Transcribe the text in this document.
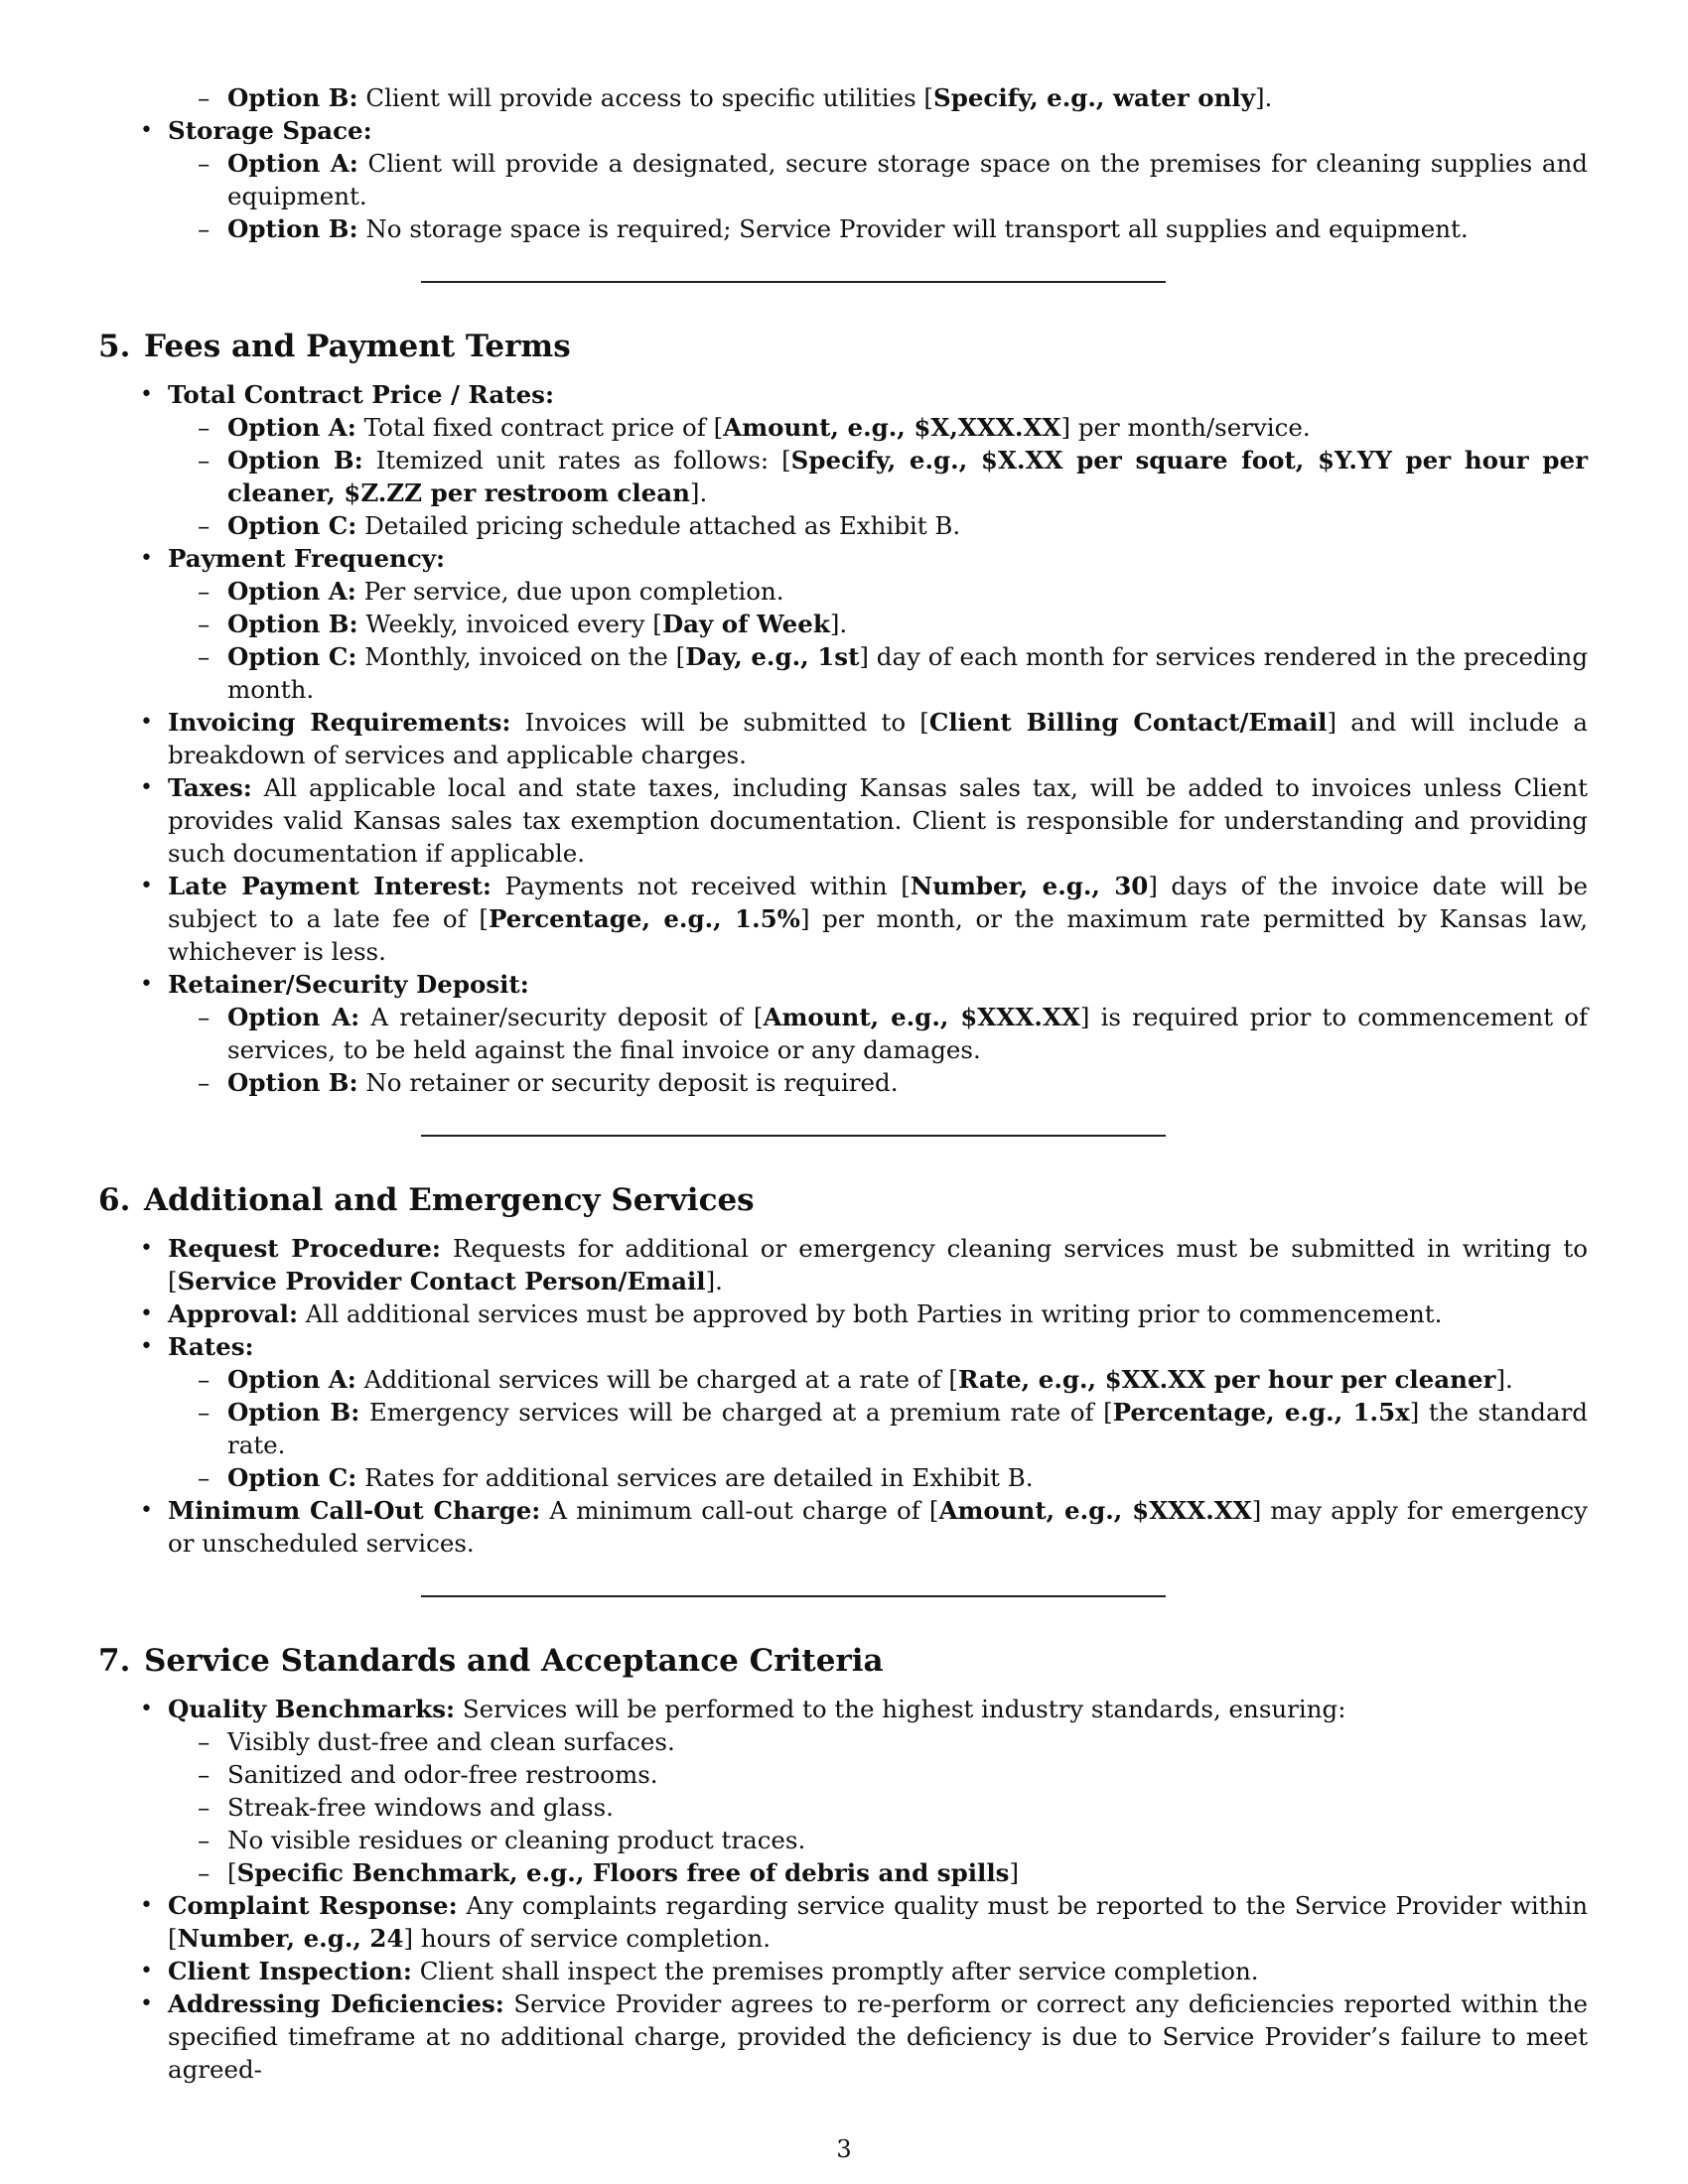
– Option B: Client will provide access to specific utilities [Specify, e.g., water only].
• Storage Space:
– Option A: Client will provide a designated, secure storage space on the premises for cleaning supplies and equipment.
– Option B: No storage space is required; Service Provider will transport all supplies and equipment.
5. Fees and Payment Terms
• Total Contract Price / Rates:
– Option A: Total fixed contract price of [Amount, e.g., $X,XXX.XX] per month/service.
– Option B: Itemized unit rates as follows: [Specify, e.g., $X.XX per square foot, $Y.YY per hour per cleaner, $Z.ZZ per restroom clean].
– Option C: Detailed pricing schedule attached as Exhibit B.
• Payment Frequency:
– Option A: Per service, due upon completion.
– Option B: Weekly, invoiced every [Day of Week].
– Option C: Monthly, invoiced on the [Day, e.g., 1st] day of each month for services rendered in the preceding month.
• Invoicing Requirements: Invoices will be submitted to [Client Billing Contact/Email] and will include a breakdown of services and applicable charges.
• Taxes: All applicable local and state taxes, including Kansas sales tax, will be added to invoices unless Client provides valid Kansas sales tax exemption documentation. Client is responsible for understanding and providing such documentation if applicable.
• Late Payment Interest: Payments not received within [Number, e.g., 30] days of the invoice date will be subject to a late fee of [Percentage, e.g., 1.5%] per month, or the maximum rate permitted by Kansas law, whichever is less.
• Retainer/Security Deposit:
– Option A: A retainer/security deposit of [Amount, e.g., $XXX.XX] is required prior to commencement of services, to be held against the final invoice or any damages.
– Option B: No retainer or security deposit is required.
6. Additional and Emergency Services
• Request Procedure: Requests for additional or emergency cleaning services must be submitted in writing to [Service Provider Contact Person/Email].
• Approval: All additional services must be approved by both Parties in writing prior to commencement.
• Rates:
– Option A: Additional services will be charged at a rate of [Rate, e.g., $XX.XX per hour per cleaner].
– Option B: Emergency services will be charged at a premium rate of [Percentage, e.g., 1.5x] the standard rate.
– Option C: Rates for additional services are detailed in Exhibit B.
• Minimum Call-Out Charge: A minimum call-out charge of [Amount, e.g., $XXX.XX] may apply for emergency or unscheduled services.
7. Service Standards and Acceptance Criteria
• Quality Benchmarks: Services will be performed to the highest industry standards, ensuring:
– Visibly dust-free and clean surfaces.
– Sanitized and odor-free restrooms.
– Streak-free windows and glass.
– No visible residues or cleaning product traces.
– [Specific Benchmark, e.g., Floors free of debris and spills]
• Complaint Response: Any complaints regarding service quality must be reported to the Service Provider within [Number, e.g., 24] hours of service completion.
• Client Inspection: Client shall inspect the premises promptly after service completion.
• Addressing Deficiencies: Service Provider agrees to re-perform or correct any deficiencies reported within the specified timeframe at no additional charge, provided the deficiency is due to Service Provider’s failure to meet agreed-
3
